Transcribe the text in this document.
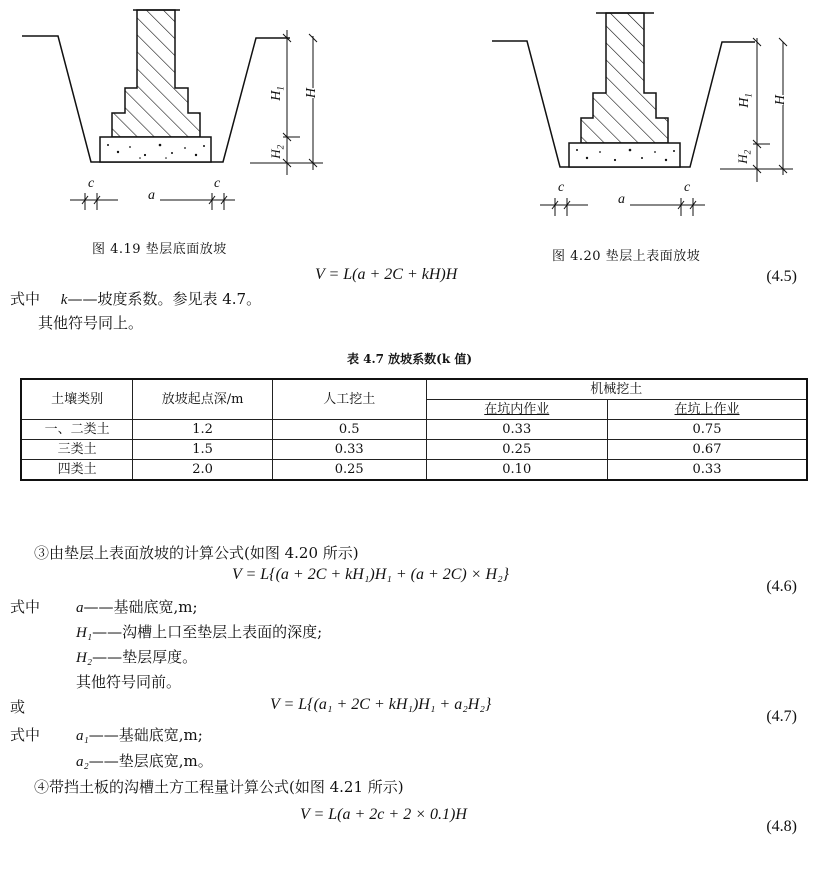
c
a
c
$H_1$ H
$H_2$
图 4.19 垫层底面放坡
c
a
c
$H_1$ H
$H_2$
图 4.20 垫层上表面放坡
V = L(a + 2C + kH)H	(4.5)
式中 k——坡度系数。参见表 4.7。
其他符号同上。
表 4.7 放坡系数(k 值)
土壤类别	放坡起点深/m	人工挖土	机械挖土	
			在坑内作业	在坑上作业
一、二类土	1.2	0.5	0.33	0.75
三类土	1.5	0.33	0.25	0.67
四类土	2.0	0.25	0.10	0.33
③由垫层上表面放坡的计算公式(如图 4.20 所示)
V = L{(a + 2C + kH₁)H₁ + (a + 2C) × H₂}
(4.6)
式中 a——基础底宽,m;
H₁——沟槽上口至垫层上表面的深度;
H₂——垫层厚度。
其他符号同前。
或	V = L{(a₁ + 2C + kH₁)H₁ + a₂H₂}
(4.7)
式中 a₁——基础底宽,m;
a₂——垫层底宽,m。
④带挡土板的沟槽土方工程量计算公式(如图 4.21 所示)
V = L(a + 2c + 2 × 0.1)H
(4.8)
